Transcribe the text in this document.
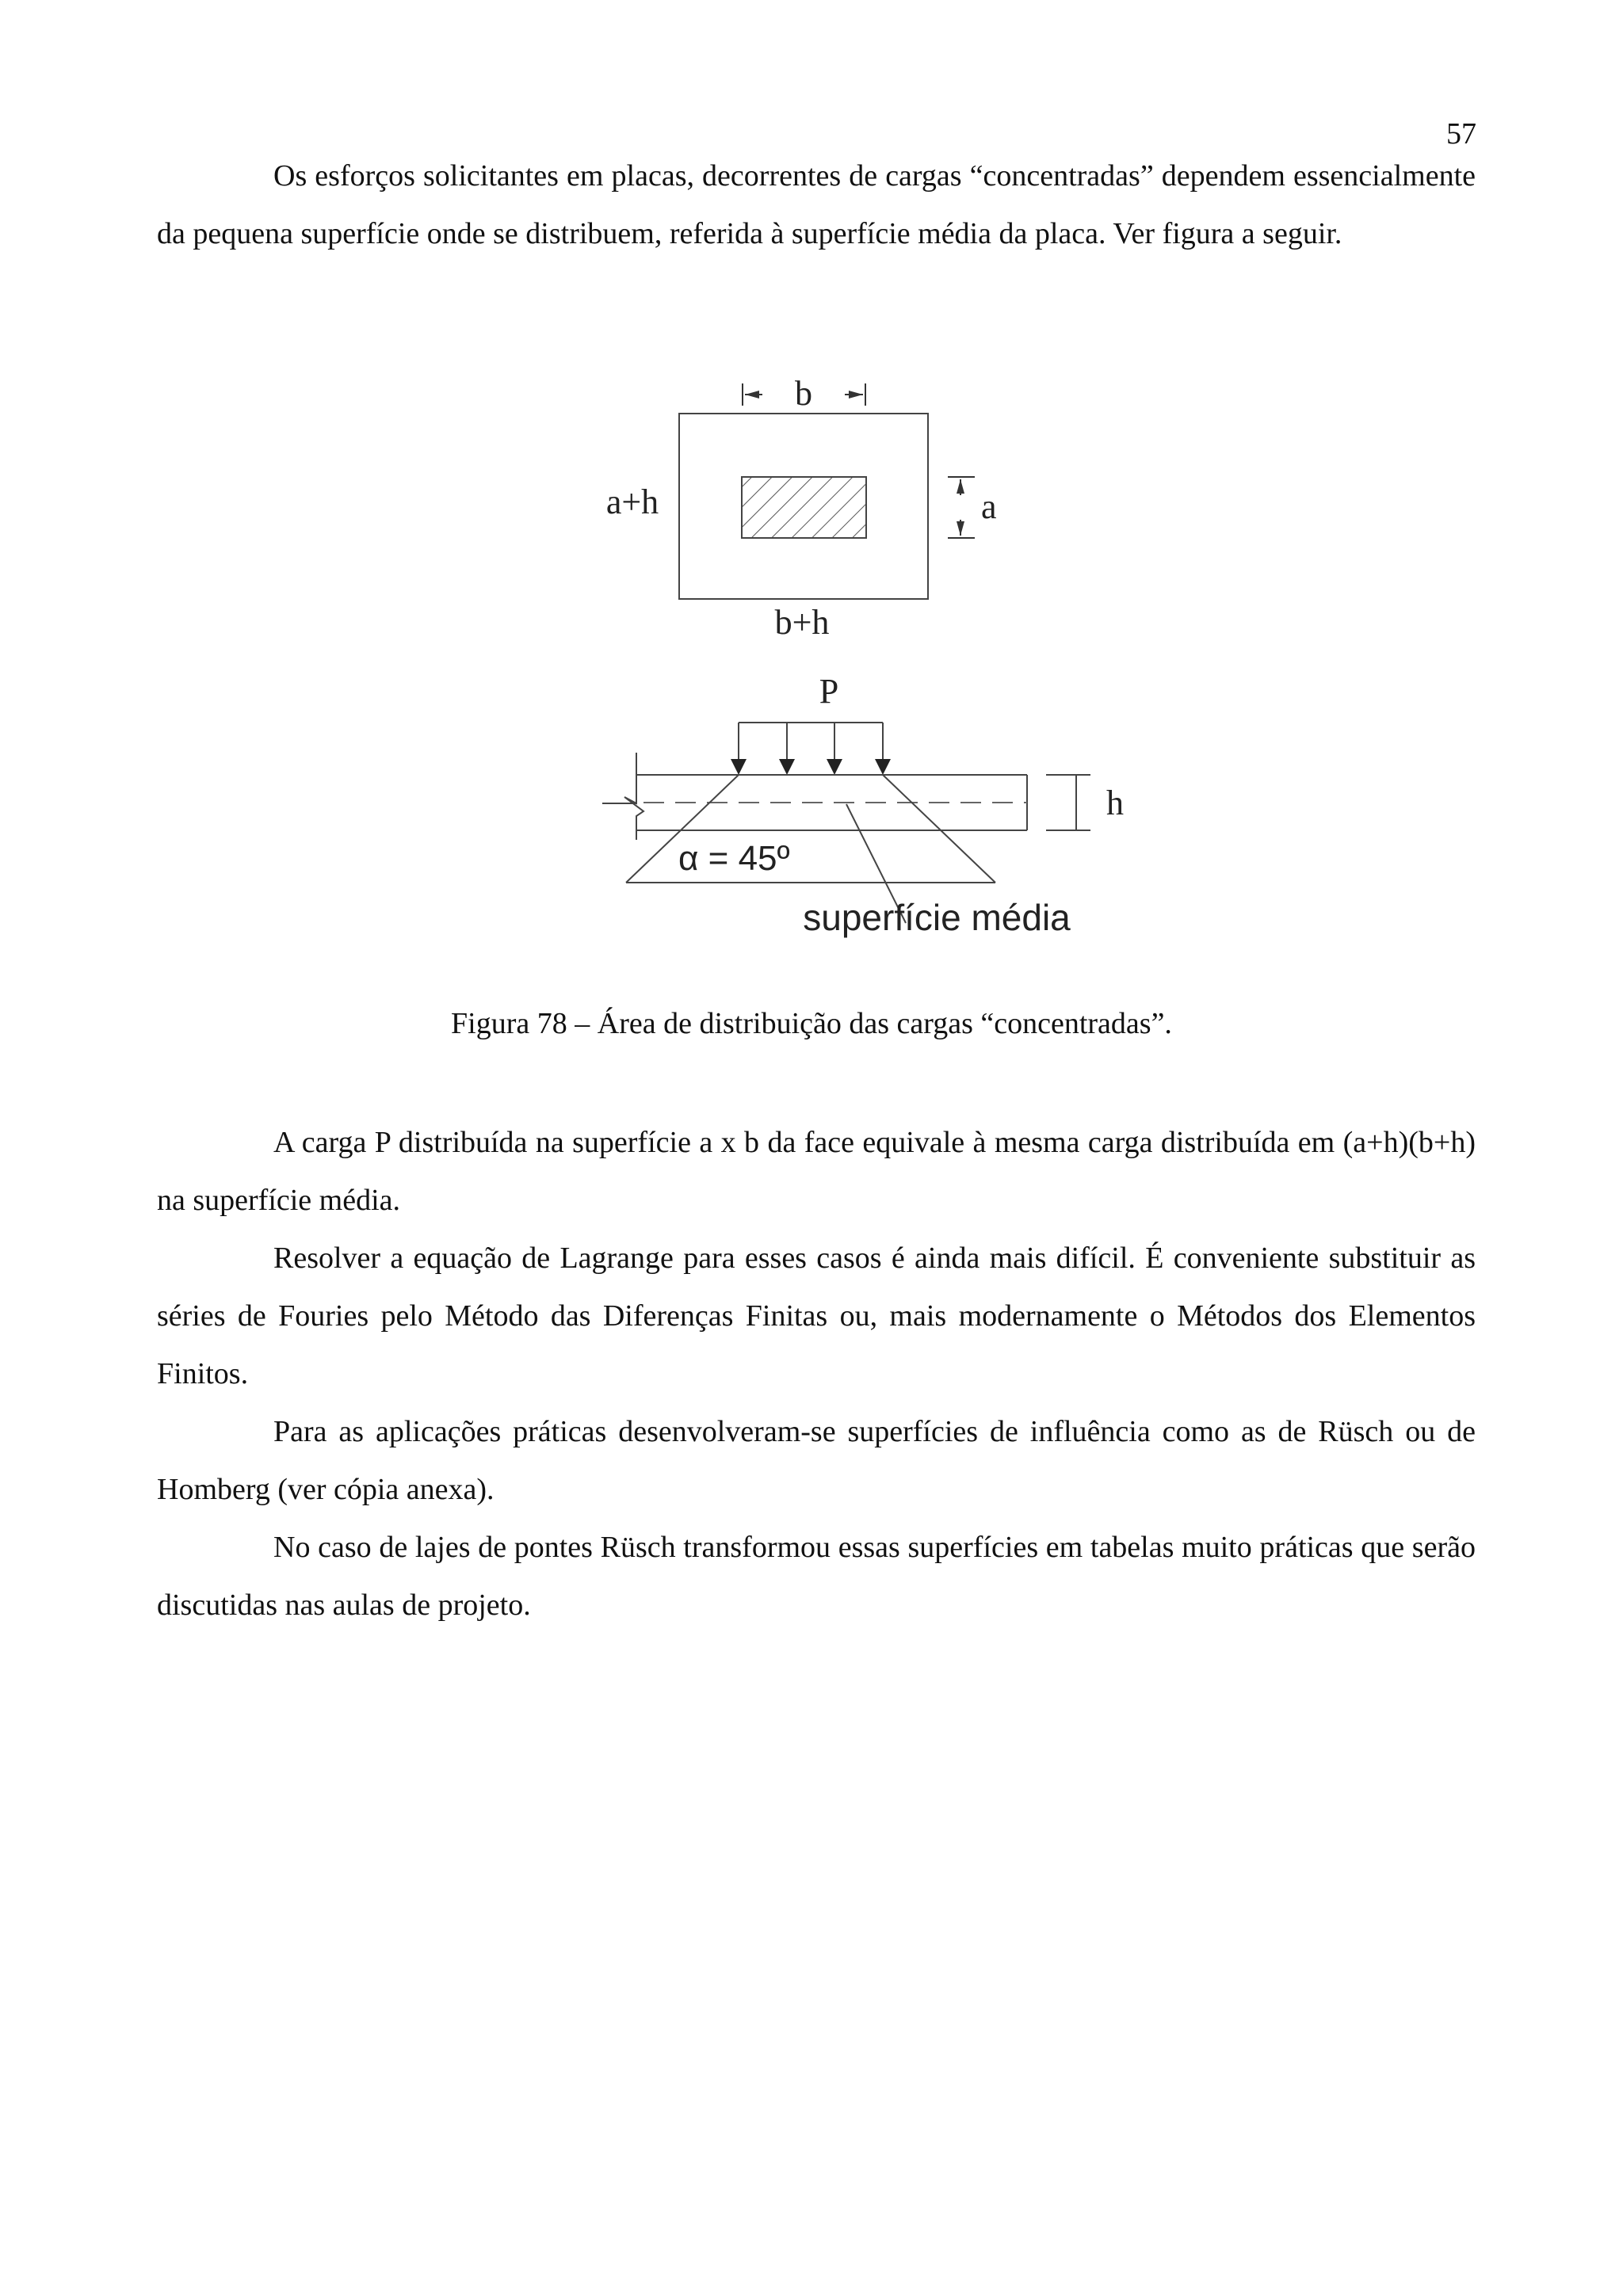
57

Os esforços solicitantes em placas, decorrentes de cargas “concentradas” dependem essencialmente da pequena superfície onde se distribuem, referida à superfície média da placa. Ver figura a seguir.

b
a+h	a
b+h
P
h
α = 45º
superfície média
Figura 78 – Área de distribuição das cargas “concentradas”.

A carga P distribuída na superfície a x b da face equivale à mesma carga distribuída em (a+h)(b+h) na superfície média.

Resolver a equação de Lagrange para esses casos é ainda mais difícil. É conveniente substituir as séries de Fouries pelo Método das Diferenças Finitas ou, mais modernamente o Métodos dos Elementos Finitos.

Para as aplicações práticas desenvolveram-se superfícies de influência como as de Rüsch ou de Homberg (ver cópia anexa).

No caso de lajes de pontes Rüsch transformou essas superfícies em tabelas muito práticas que serão discutidas nas aulas de projeto.
